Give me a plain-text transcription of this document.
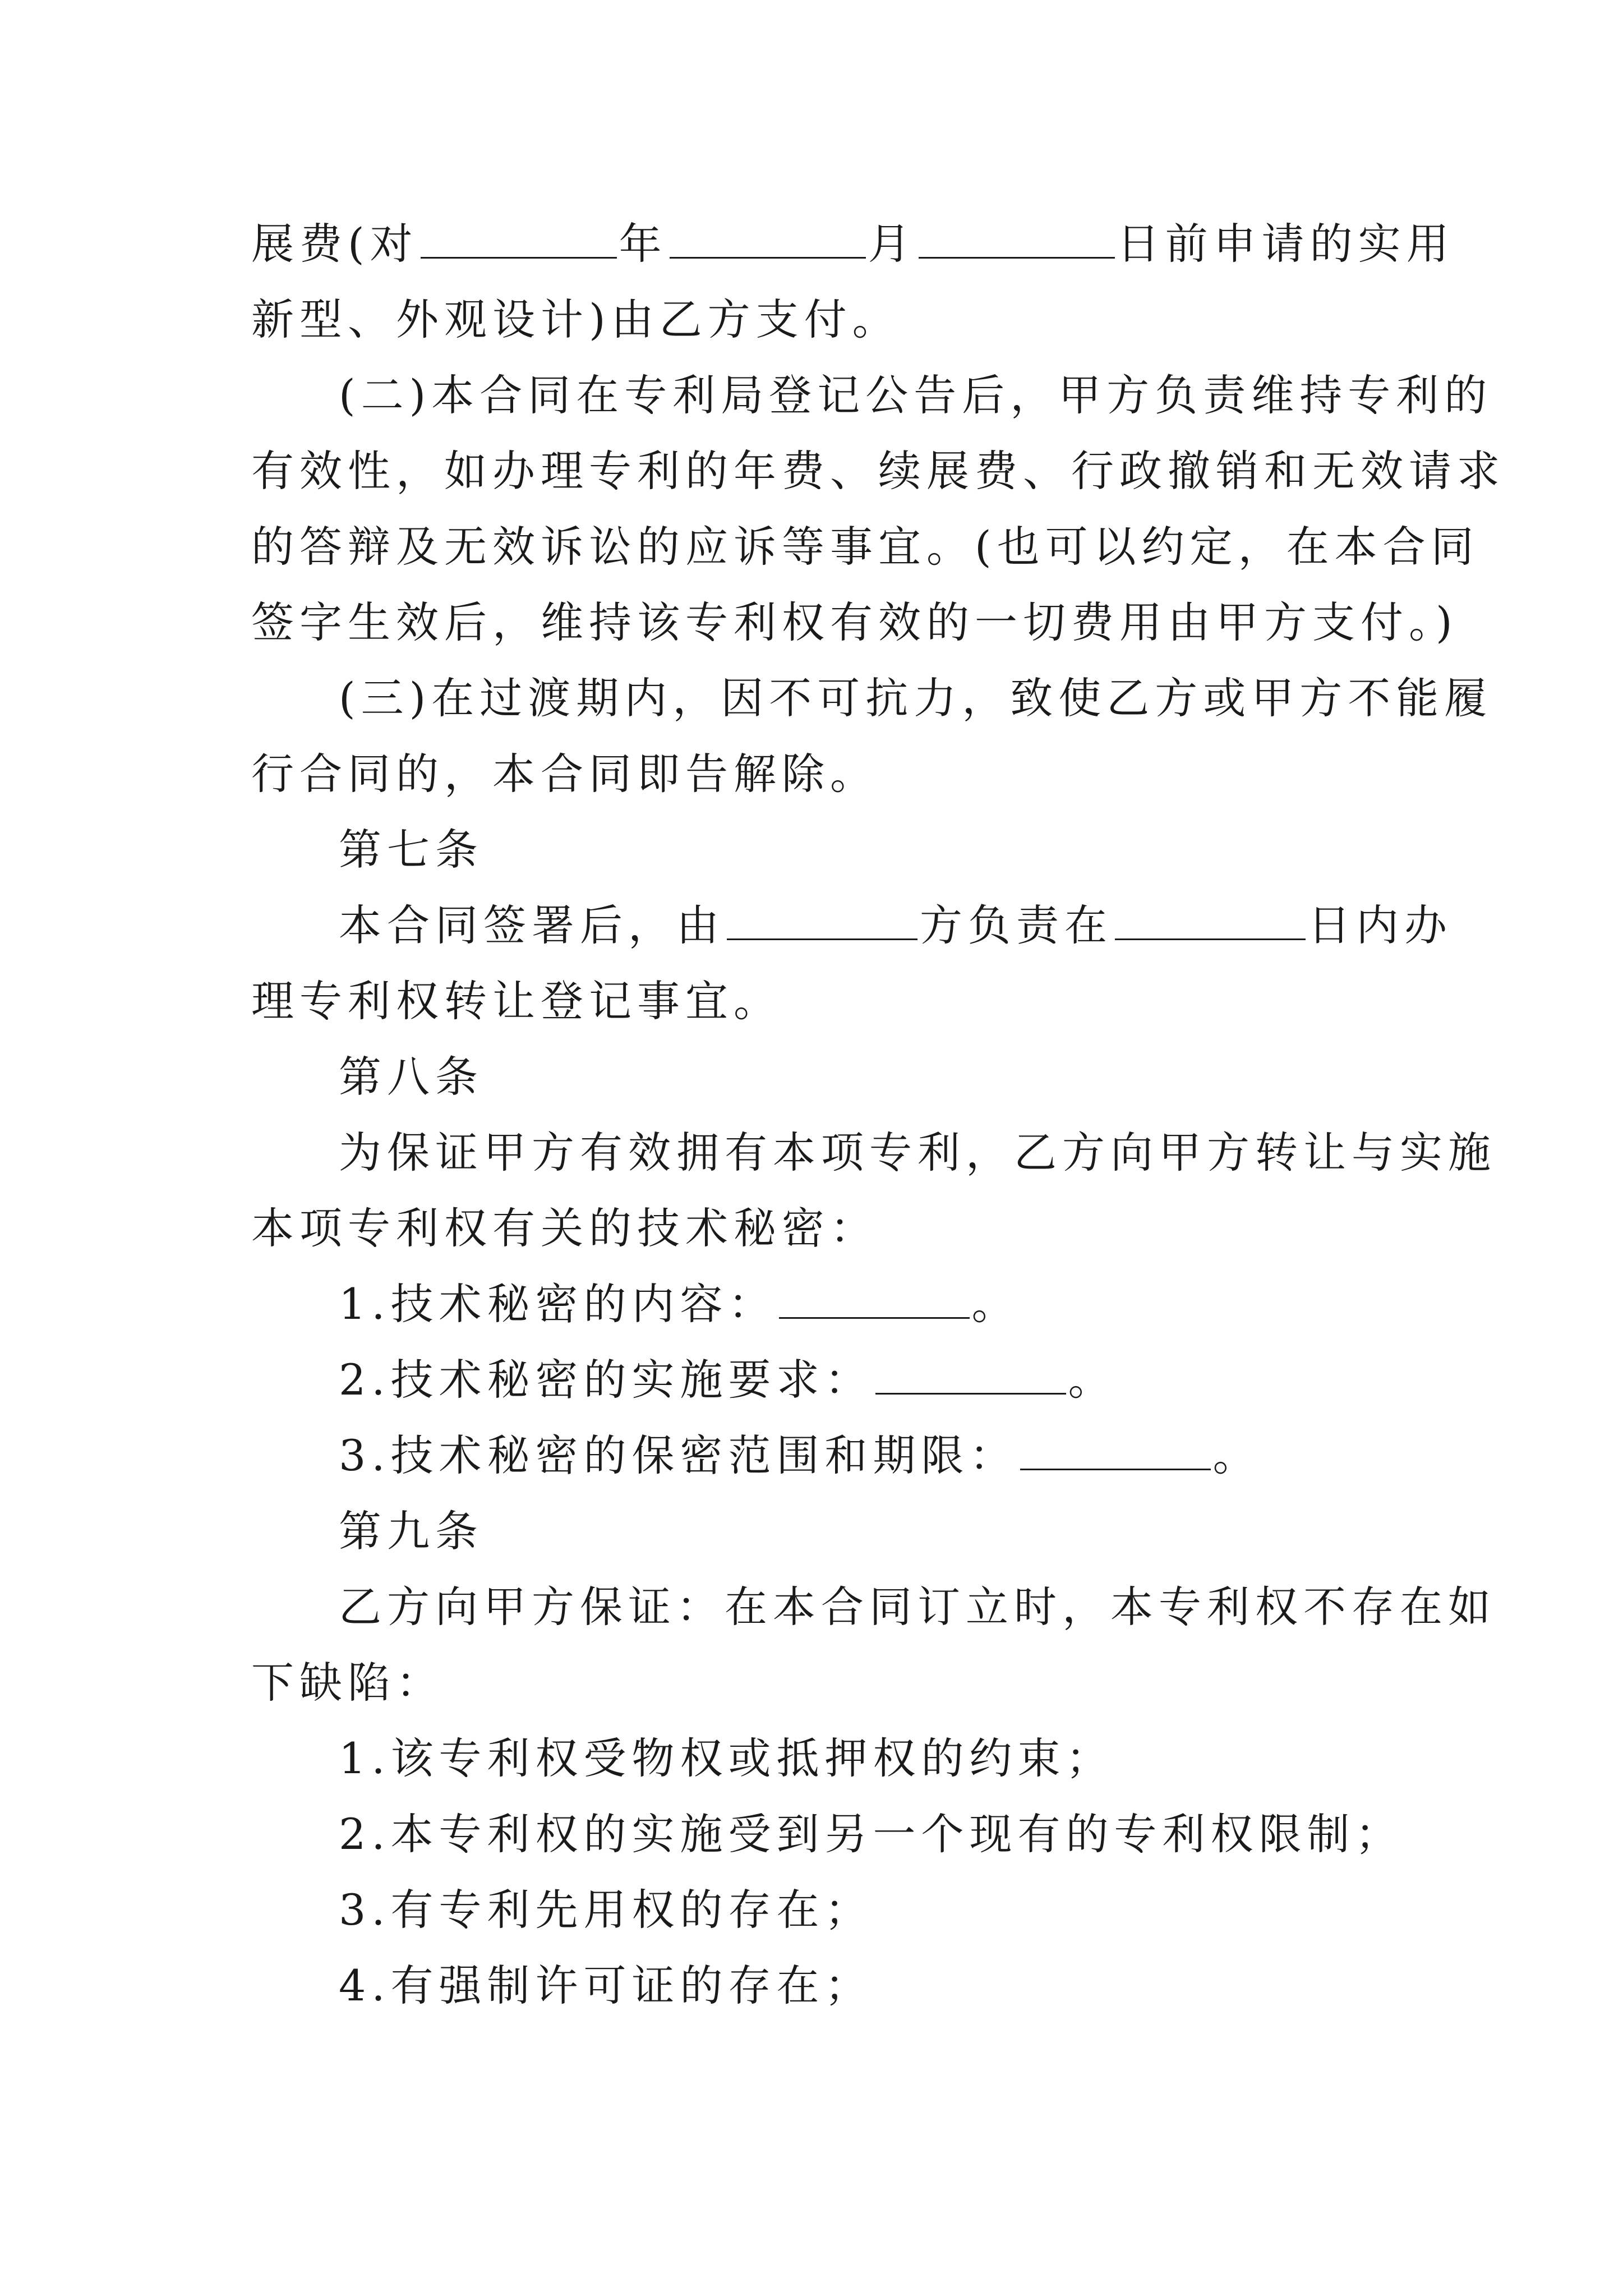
展费(对	年	月	日前申请的实用
新型、外观设计)由乙方支付。
(二)本合同在专利局登记公告后，甲方负责维持专利的
有效性，如办理专利的年费、续展费、行政撤销和无效请求
的答辩及无效诉讼的应诉等事宜。(也可以约定，在本合同
签字生效后，维持该专利权有效的一切费用由甲方支付。)
(三)在过渡期内，因不可抗力，致使乙方或甲方不能履
行合同的，本合同即告解除。
第七条
本合同签署后，由	方负责在	日内办
理专利权转让登记事宜。
第八条
为保证甲方有效拥有本项专利，乙方向甲方转让与实施
本项专利权有关的技术秘密：
1.技术秘密的内容：	。
2.技术秘密的实施要求：	。
3.技术秘密的保密范围和期限：	。
第九条
乙方向甲方保证：在本合同订立时，本专利权不存在如
下缺陷：
1.该专利权受物权或抵押权的约束；
2.本专利权的实施受到另一个现有的专利权限制；
3.有专利先用权的存在；
4.有强制许可证的存在；
